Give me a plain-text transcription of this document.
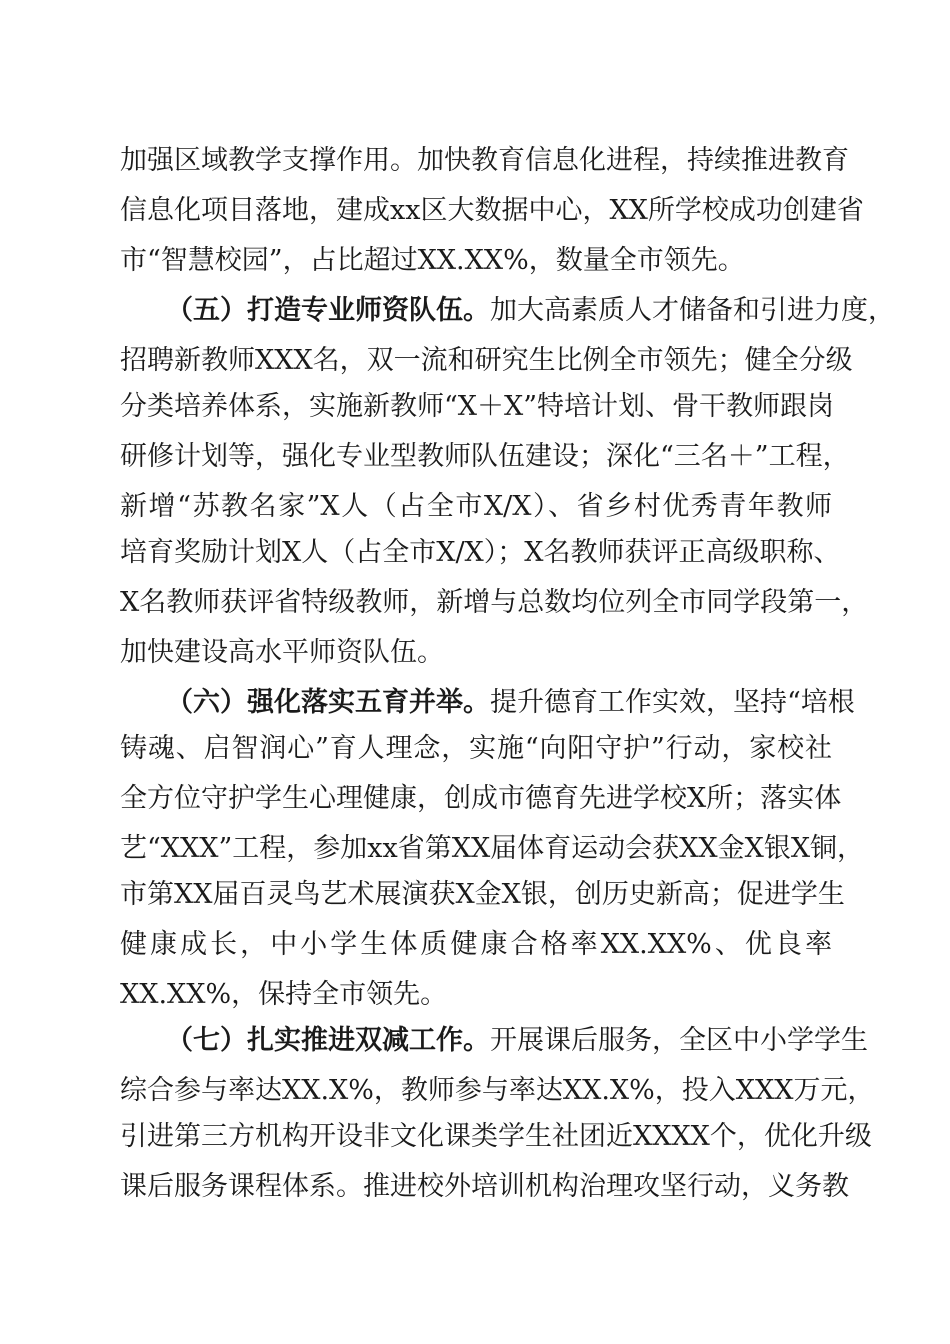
加强区域教学支撑作用。加快教育信息化进程，持续推进教育
信息化项目落地，建成xx区大数据中心，XX所学校成功创建省
市“智慧校园”，占比超过XX.XX%，数量全市领先。
（五）打造专业师资队伍。加大高素质人才储备和引进力度，
招聘新教师XXX名，双一流和研究生比例全市领先；健全分级
分类培养体系，实施新教师“X＋X”特培计划、骨干教师跟岗
研修计划等，强化专业型教师队伍建设；深化“三名＋”工程，
新增“苏教名家”X人（占全市X/X）、省乡村优秀青年教师
培育奖励计划X人（占全市X/X）；X名教师获评正高级职称、
X名教师获评省特级教师，新增与总数均位列全市同学段第一，
加快建设高水平师资队伍。
（六）强化落实五育并举。提升德育工作实效，坚持“培根
铸魂、启智润心”育人理念，实施“向阳守护”行动，家校社
全方位守护学生心理健康，创成市德育先进学校X所；落实体
艺“XXX”工程，参加xx省第XX届体育运动会获XX金X银X铜，
市第XX届百灵鸟艺术展演获X金X银，创历史新高；促进学生
健康成长，中小学生体质健康合格率XX.XX%、优良率
XX.XX%，保持全市领先。
（七）扎实推进双减工作。开展课后服务，全区中小学学生
综合参与率达XX.X%，教师参与率达XX.X%，投入XXX万元，
引进第三方机构开设非文化课类学生社团近XXXX个，优化升级
课后服务课程体系。推进校外培训机构治理攻坚行动，义务教
